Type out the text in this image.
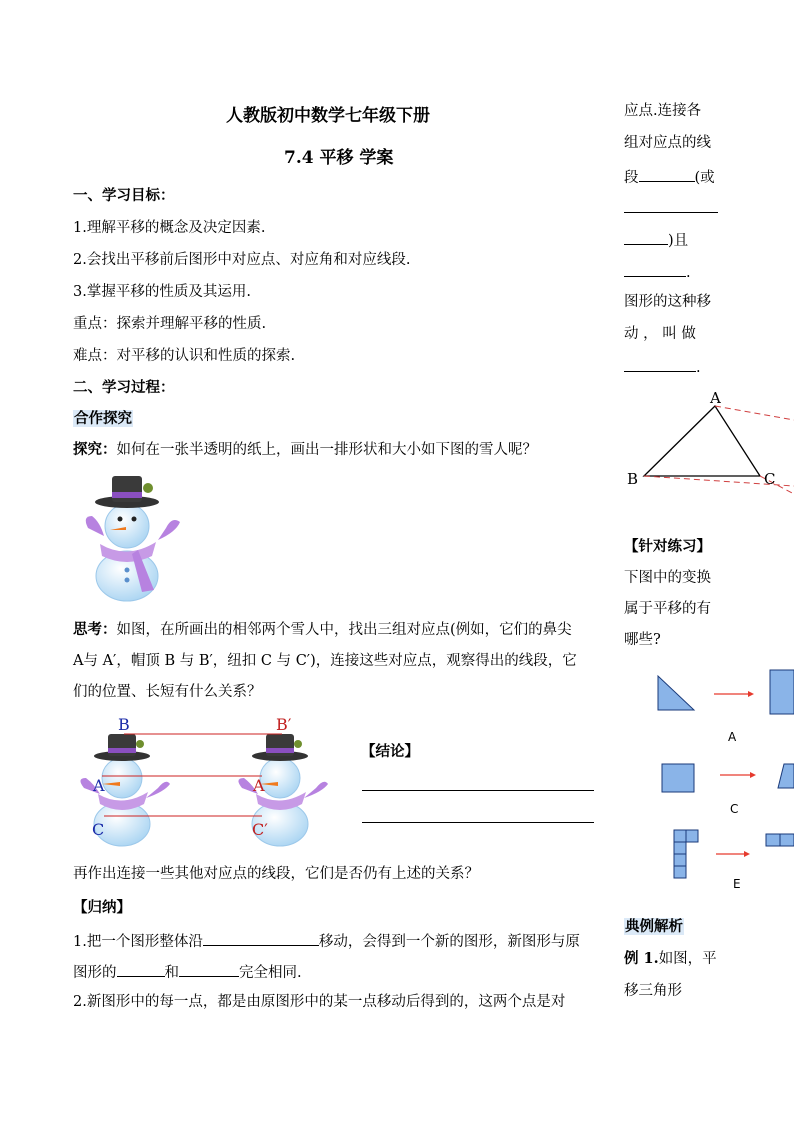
人教版初中数学七年级下册
7.4 平移 学案
一、学习目标：
1.理解平移的概念及决定因素.
2.会找出平移前后图形中对应点、对应角和对应线段.
3.掌握平移的性质及其运用.
重点：探索并理解平移的性质.
难点：对平移的认识和性质的探索.
二、学习过程：
合作探究
探究：如何在一张半透明的纸上，画出一排形状和大小如下图的雪人呢？
思考：如图，在所画出的相邻两个雪人中，找出三组对应点(例如，它们的鼻尖
A与 A′，帽顶 B 与 B′，纽扣 C 与 C′)，连接这些对应点，观察得出的线段，它
们的位置、长短有什么关系？
B	B′
A	A
C	C′
【结论】
再作出连接一些其他对应点的线段，它们是否仍有上述的关系？
【归纳】
1.把一个图形整体沿	移动，会得到一个新的图形，新图形与原
图形的	和	完全相同.
2.新图形中的每一点，都是由原图形中的某一点移动后得到的，这两个点是对
应点.连接各
组对应点的线
段	(或
)且
.
图形的这种移
动 ， 叫 做
.
A
B	C
【针对练习】
下图中的变换
属于平移的有
哪些?
A
C
E
典例解析
例 1.如图，平
移三角形
